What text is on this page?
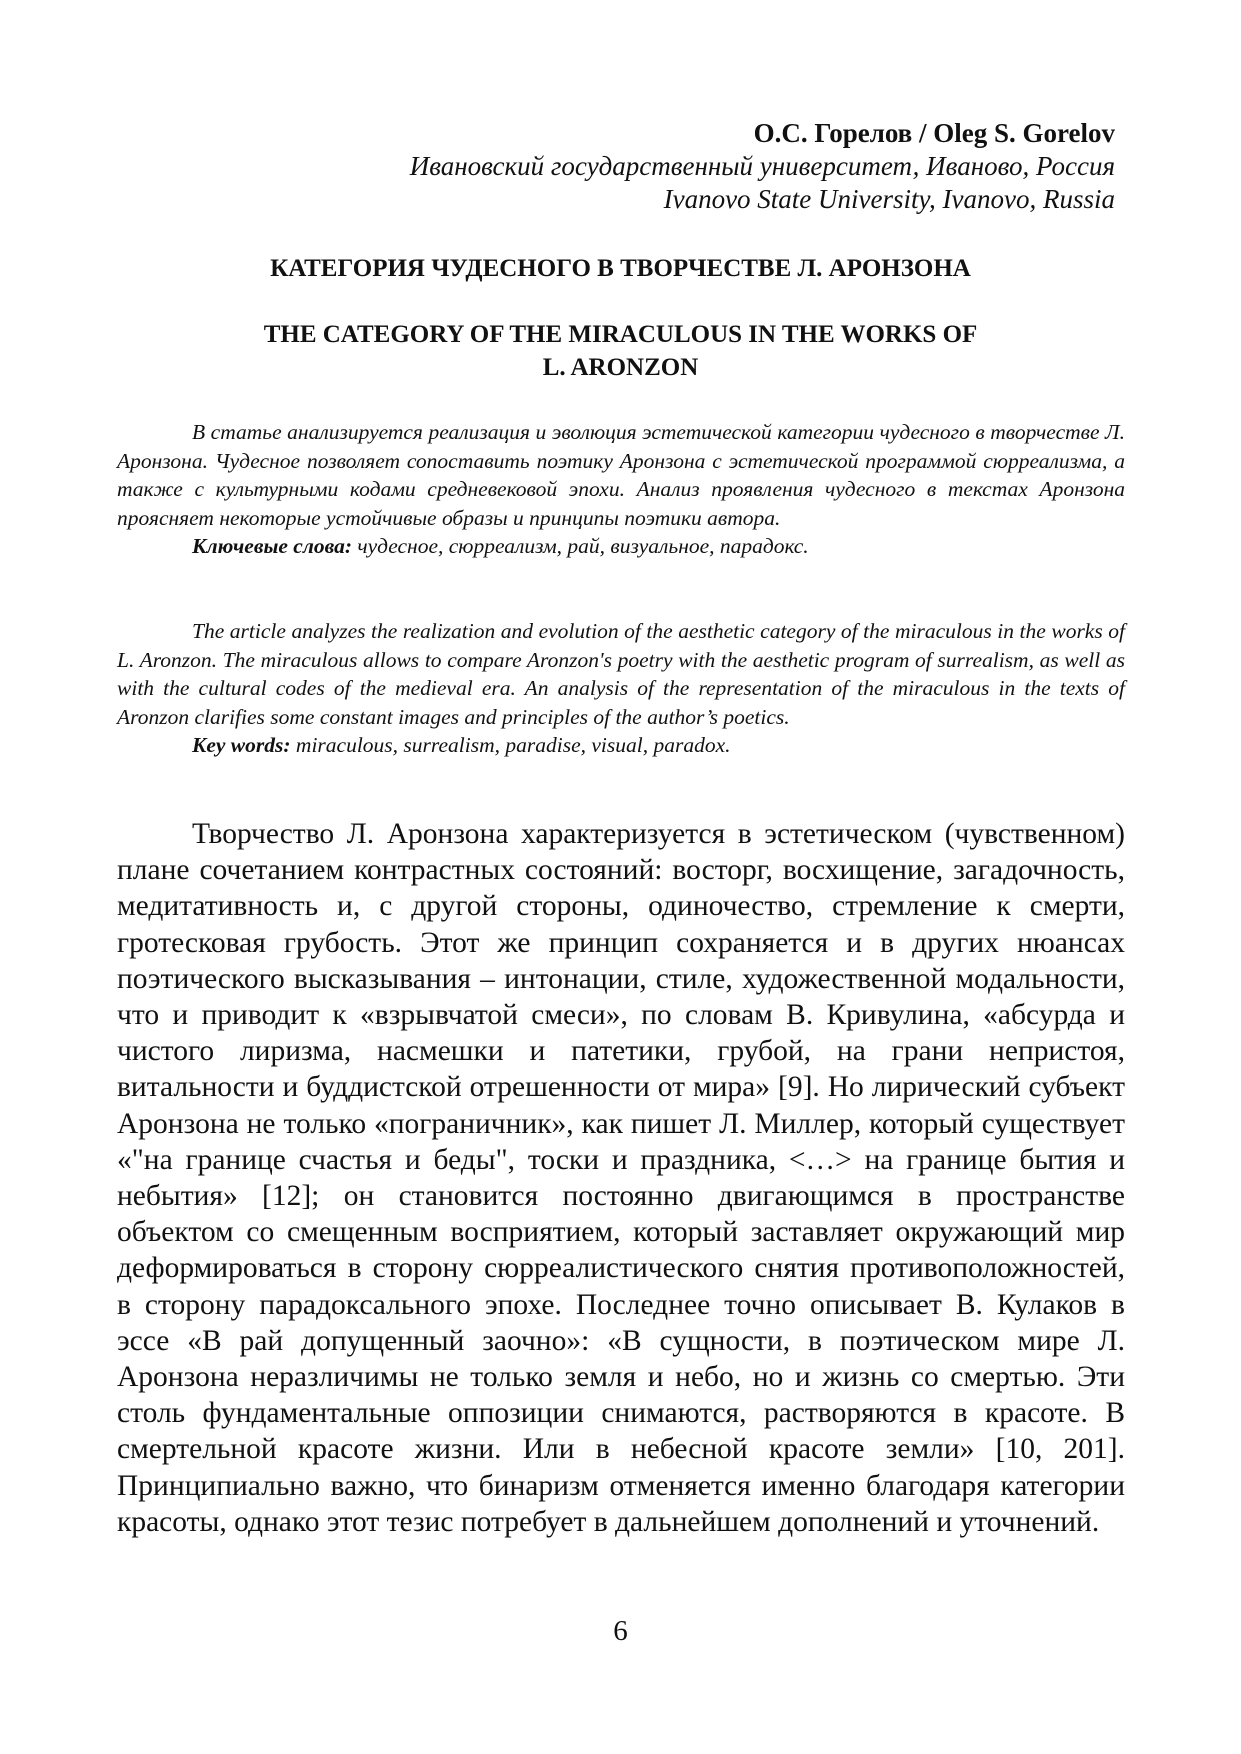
О.С. Горелов / Oleg S. Gorelov
Ивановский государственный университет, Иваново, Россия
Ivanovo State University, Ivanovo, Russia
КАТЕГОРИЯ ЧУДЕСНОГО В ТВОРЧЕСТВЕ Л. АРОНЗОНА
THE CATEGORY OF THE MIRACULOUS IN THE WORKS OF
L. ARONZON

В статье анализируется реализация и эволюция эстетической категории чудесного в творчестве Л. Аронзона. Чудесное позволяет сопоставить поэтику Аронзона с эстетической программой сюрреализма, а также с культурными кодами средневековой эпохи. Анализ проявления чудесного в текстах Аронзона проясняет некоторые устойчивые образы и принципы поэтики автора.

Ключевые слова: чудесное, сюрреализм, рай, визуальное, парадокс.

The article analyzes the realization and evolution of the aesthetic category of the miraculous in the works of L. Aronzon. The miraculous allows to compare Aronzon's poetry with the aesthetic program of surrealism, as well as with the cultural codes of the medieval era. An analysis of the representation of the miraculous in the texts of Aronzon clarifies some constant images and principles of the author’s poetics.

Key words: miraculous, surrealism, paradise, visual, paradox.

Творчество Л. Аронзона характеризуется в эстетическом (чувственном) плане сочетанием контрастных состояний: восторг, восхищение, загадочность, медитативность и, с другой стороны, одиночество, стремление к смерти, гротесковая грубость. Этот же принцип сохраняется и в других нюансах поэтического высказывания – интонации, стиле, художественной модальности, что и приводит к «взрывчатой смеси», по словам В. Кривулина, «абсурда и чистого лиризма, насмешки и патетики, грубой, на грани непристоя, витальности и буддистской отрешенности от мира» [9]. Но лирический субъект Аронзона не только «пограничник», как пишет Л. Миллер, который существует «"на границе счастья и беды", тоски и праздника, <…> на границе бытия и небытия» [12]; он становится постоянно двигающимся в пространстве объектом со смещенным восприятием, который заставляет окружающий мир деформироваться в сторону сюрреалистического снятия противоположностей, в сторону парадоксального эпохе. Последнее точно описывает В. Кулаков в эссе «В рай допущенный заочно»: «В сущности, в поэтическом мире Л. Аронзона неразличимы не только земля и небо, но и жизнь со смертью. Эти столь фундаментальные оппозиции снимаются, растворяются в красоте. В смертельной красоте жизни. Или в небесной красоте земли» [10, 201]. Принципиально важно, что бинаризм отменяется именно благодаря категории красоты, однако этот тезис потребует в дальнейшем дополнений и уточнений.

6
